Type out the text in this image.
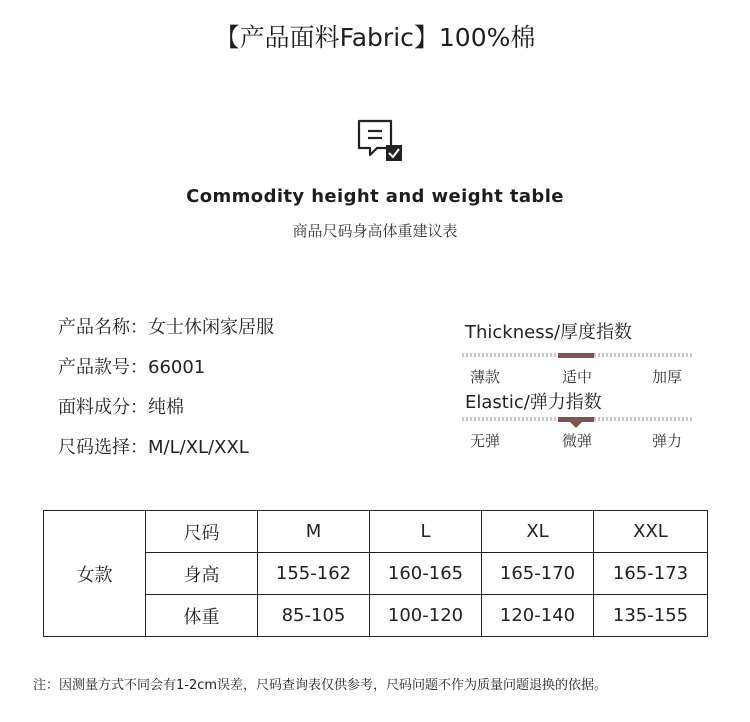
【产品面料Fabric】100%棉
Commodity height and weight table
商品尺码身高体重建议表
产品名称：女士休闲家居服
产品款号：66001
面料成分：纯棉
尺码选择：M/L/XL/XXL
Thickness/厚度指数
薄款	适中	加厚
Elastic/弹力指数
无弹	微弹	弹力
女款	尺码	M	L	XL	XXL
	身高	155-162	160-165	165-170	165-173
	体重	85-105	100-120	120-140	135-155
注：因测量方式不同会有1-2cm误差，尺码查询表仅供参考，尺码问题不作为质量问题退换的依据。
